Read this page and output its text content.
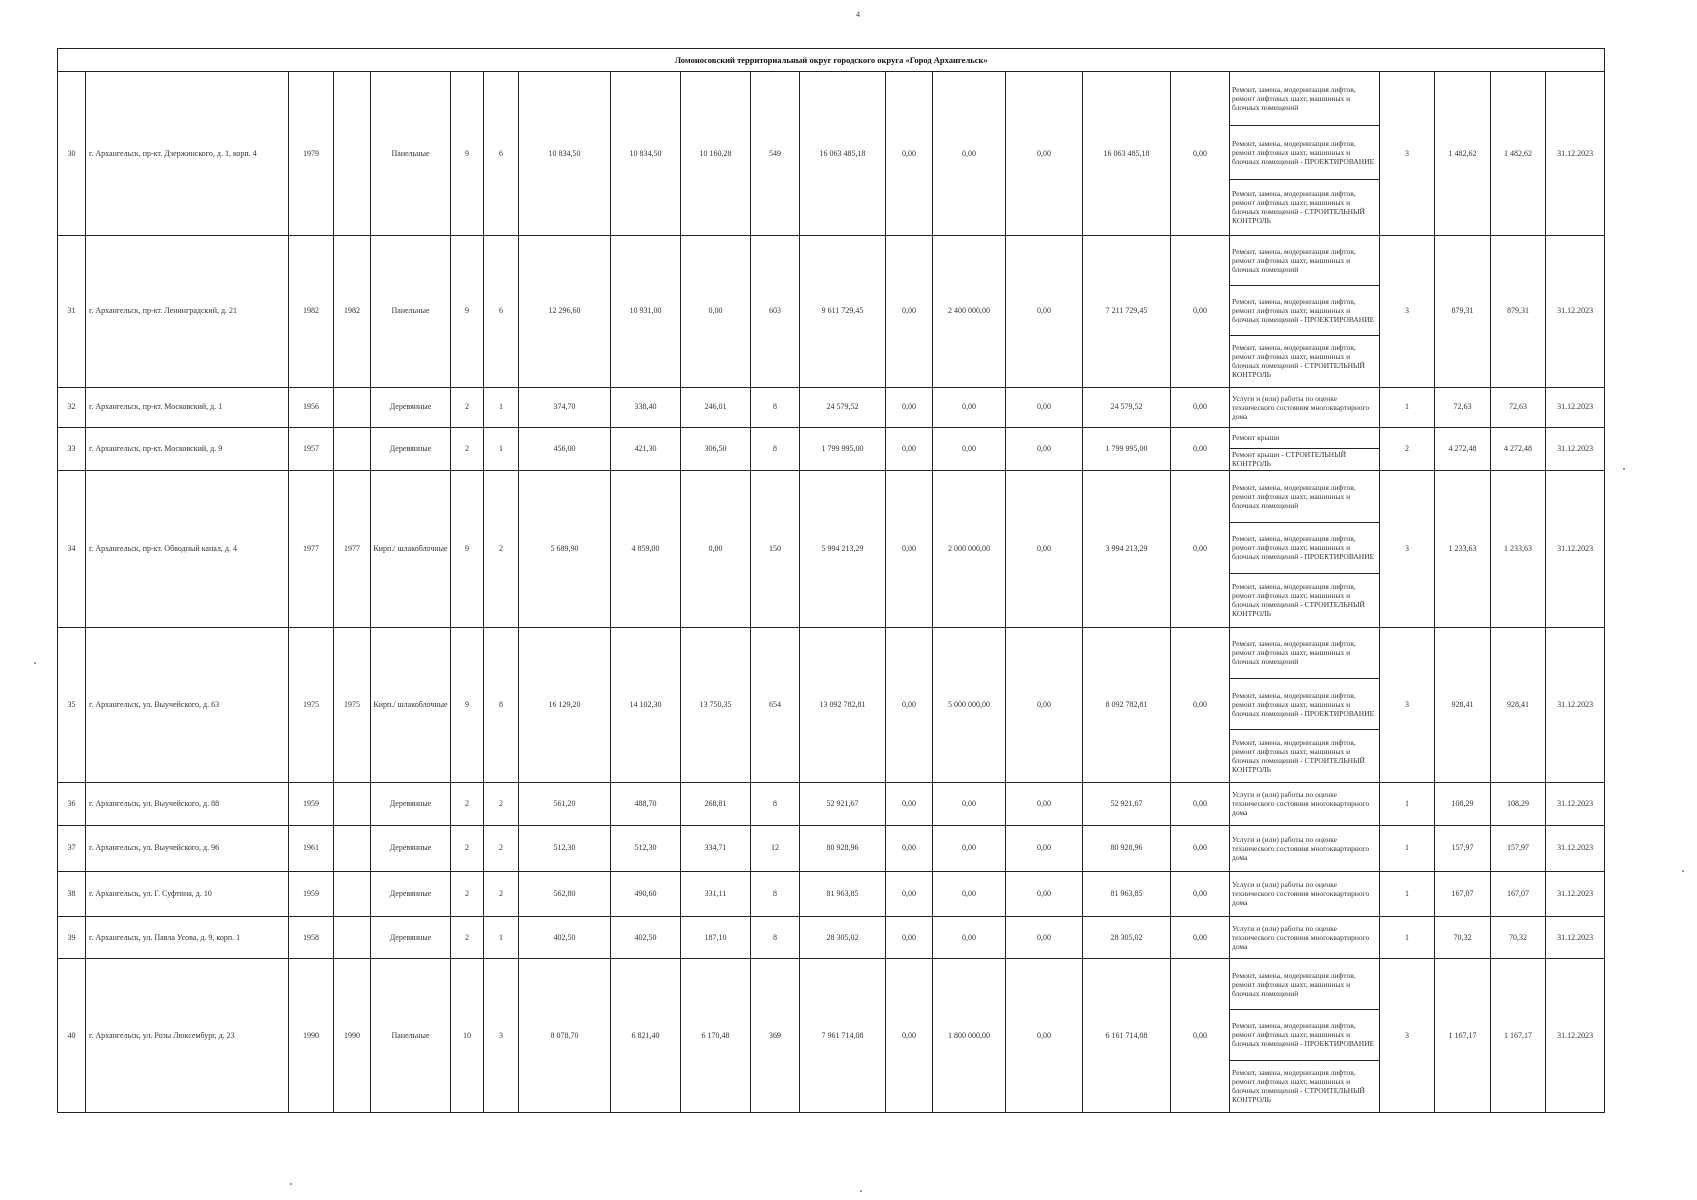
4
Ломоносовский территориальный округ городского округа «Город Архангельск»																					
30	г. Архангельск, пр-кт. Дзержинского, д. 1, корп. 4	1979		Панельные	9	6	10 834,50	10 834,50	10 160,28	549	16 063 485,18	0,00	0,00	0,00	16 063 485,18	0,00	Ремонт, замена, модернизация лифтов, ремонт лифтовых шахт, машинных и блочных помещений
Ремонт, замена, модернизация лифтов, ремонт лифтовых шахт, машинных и блочных помещений - ПРОЕКТИРОВАНИЕ
Ремонт, замена, модернизация лифтов, ремонт лифтовых шахт, машинных и блочных помещений - СТРОИТЕЛЬНЫЙ КОНТРОЛЬ	3	1 482,62	1 482,62	31.12.2023
31	г. Архангельск, пр-кт. Ленинградский, д. 21	1982	1982	Панельные	9	6	12 296,60	10 931,00	0,00	603	9 611 729,45	0,00	2 400 000,00	0,00	7 211 729,45	0,00	Ремонт, замена, модернизация лифтов, ремонт лифтовых шахт, машинных и блочных помещений
Ремонт, замена, модернизация лифтов, ремонт лифтовых шахт, машинных и блочных помещений - ПРОЕКТИРОВАНИЕ
Ремонт, замена, модернизация лифтов, ремонт лифтовых шахт, машинных и блочных помещений - СТРОИТЕЛЬНЫЙ КОНТРОЛЬ	3	879,31	879,31	31.12.2023
32	г. Архангельск, пр-кт. Московский, д. 1	1956		Деревянные	2	1	374,70	338,40	246,01	8	24 579,52	0,00	0,00	0,00	24 579,52	0,00	Услуги и (или) работы по оценке технического состояния многоквартирного дома	1	72,63	72,63	31.12.2023
33	г. Архангельск, пр-кт. Московский, д. 9	1957		Деревянные	2	1	456,00	421,30	306,50	8	1 799 995,00	0,00	0,00	0,00	1 799 995,00	0,00	Ремонт крыши
Ремонт крыши - СТРОИТЕЛЬНЫЙ КОНТРОЛЬ	2	4 272,48	4 272,48	31.12.2023
34	г. Архангельск, пр-кт. Обводный канал, д. 4	1977	1977	Кирп./ шлакоблочные	9	2	5 689,90	4 859,00	0,00	150	5 994 213,29	0,00	2 000 000,00	0,00	3 994 213,29	0,00	Ремонт, замена, модернизация лифтов, ремонт лифтовых шахт, машинных и блочных помещений
Ремонт, замена, модернизация лифтов, ремонт лифтовых шахт, машинных и блочных помещений - ПРОЕКТИРОВАНИЕ
Ремонт, замена, модернизация лифтов, ремонт лифтовых шахт, машинных и блочных помещений - СТРОИТЕЛЬНЫЙ КОНТРОЛЬ	3	1 233,63	1 233,63	31.12.2023
35	г. Архангельск, ул. Выучейского, д. 63	1975	1975	Кирп./ шлакоблочные	9	8	16 129,20	14 102,30	13 750,35	654	13 092 782,81	0,00	5 000 000,00	0,00	8 092 782,81	0,00	Ремонт, замена, модернизация лифтов, ремонт лифтовых шахт, машинных и блочных помещений
Ремонт, замена, модернизация лифтов, ремонт лифтовых шахт, машинных и блочных помещений - ПРОЕКТИРОВАНИЕ
Ремонт, замена, модернизация лифтов, ремонт лифтовых шахт, машинных и блочных помещений - СТРОИТЕЛЬНЫЙ КОНТРОЛЬ	3	928,41	928,41	31.12.2023
36	г. Архангельск, ул. Выучейского, д. 88	1959		Деревянные	2	2	561,20	488,70	268,81	8	52 921,67	0,00	0,00	0,00	52 921,67	0,00	Услуги и (или) работы по оценке технического состояния многоквартирного дома	1	108,29	108,29	31.12.2023
37	г. Архангельск, ул. Выучейского, д. 96	1961		Деревянные	2	2	512,30	512,30	334,71	12	80 928,96	0,00	0,00	0,00	80 928,96	0,00	Услуги и (или) работы по оценке технического состояния многоквартирного дома	1	157,97	157,97	31.12.2023
38	г. Архангельск, ул. Г. Суфтина, д. 10	1959		Деревянные	2	2	562,80	490,60	331,11	8	81 963,85	0,00	0,00	0,00	81 963,85	0,00	Услуги и (или) работы по оценке технического состояния многоквартирного дома	1	167,07	167,07	31.12.2023
39	г. Архангельск, ул. Павла Усова, д. 9, корп. 1	1958		Деревянные	2	1	402,50	402,50	187,10	8	28 305,02	0,00	0,00	0,00	28 305,02	0,00	Услуги и (или) работы по оценке технического состояния многоквартирного дома	1	70,32	70,32	31.12.2023
40	г. Архангельск, ул. Розы Люксембург, д. 23	1990	1990	Панельные	10	3	8 078,70	6 821,40	6 170,48	369	7 961 714,08	0,00	1 800 000,00	0,00	6 161 714,08	0,00	Ремонт, замена, модернизация лифтов, ремонт лифтовых шахт, машинных и блочных помещений
Ремонт, замена, модернизация лифтов, ремонт лифтовых шахт, машинных и блочных помещений - ПРОЕКТИРОВАНИЕ
Ремонт, замена, модернизация лифтов, ремонт лифтовых шахт, машинных и блочных помещений - СТРОИТЕЛЬНЫЙ КОНТРОЛЬ	3	1 167,17	1 167,17	31.12.2023
